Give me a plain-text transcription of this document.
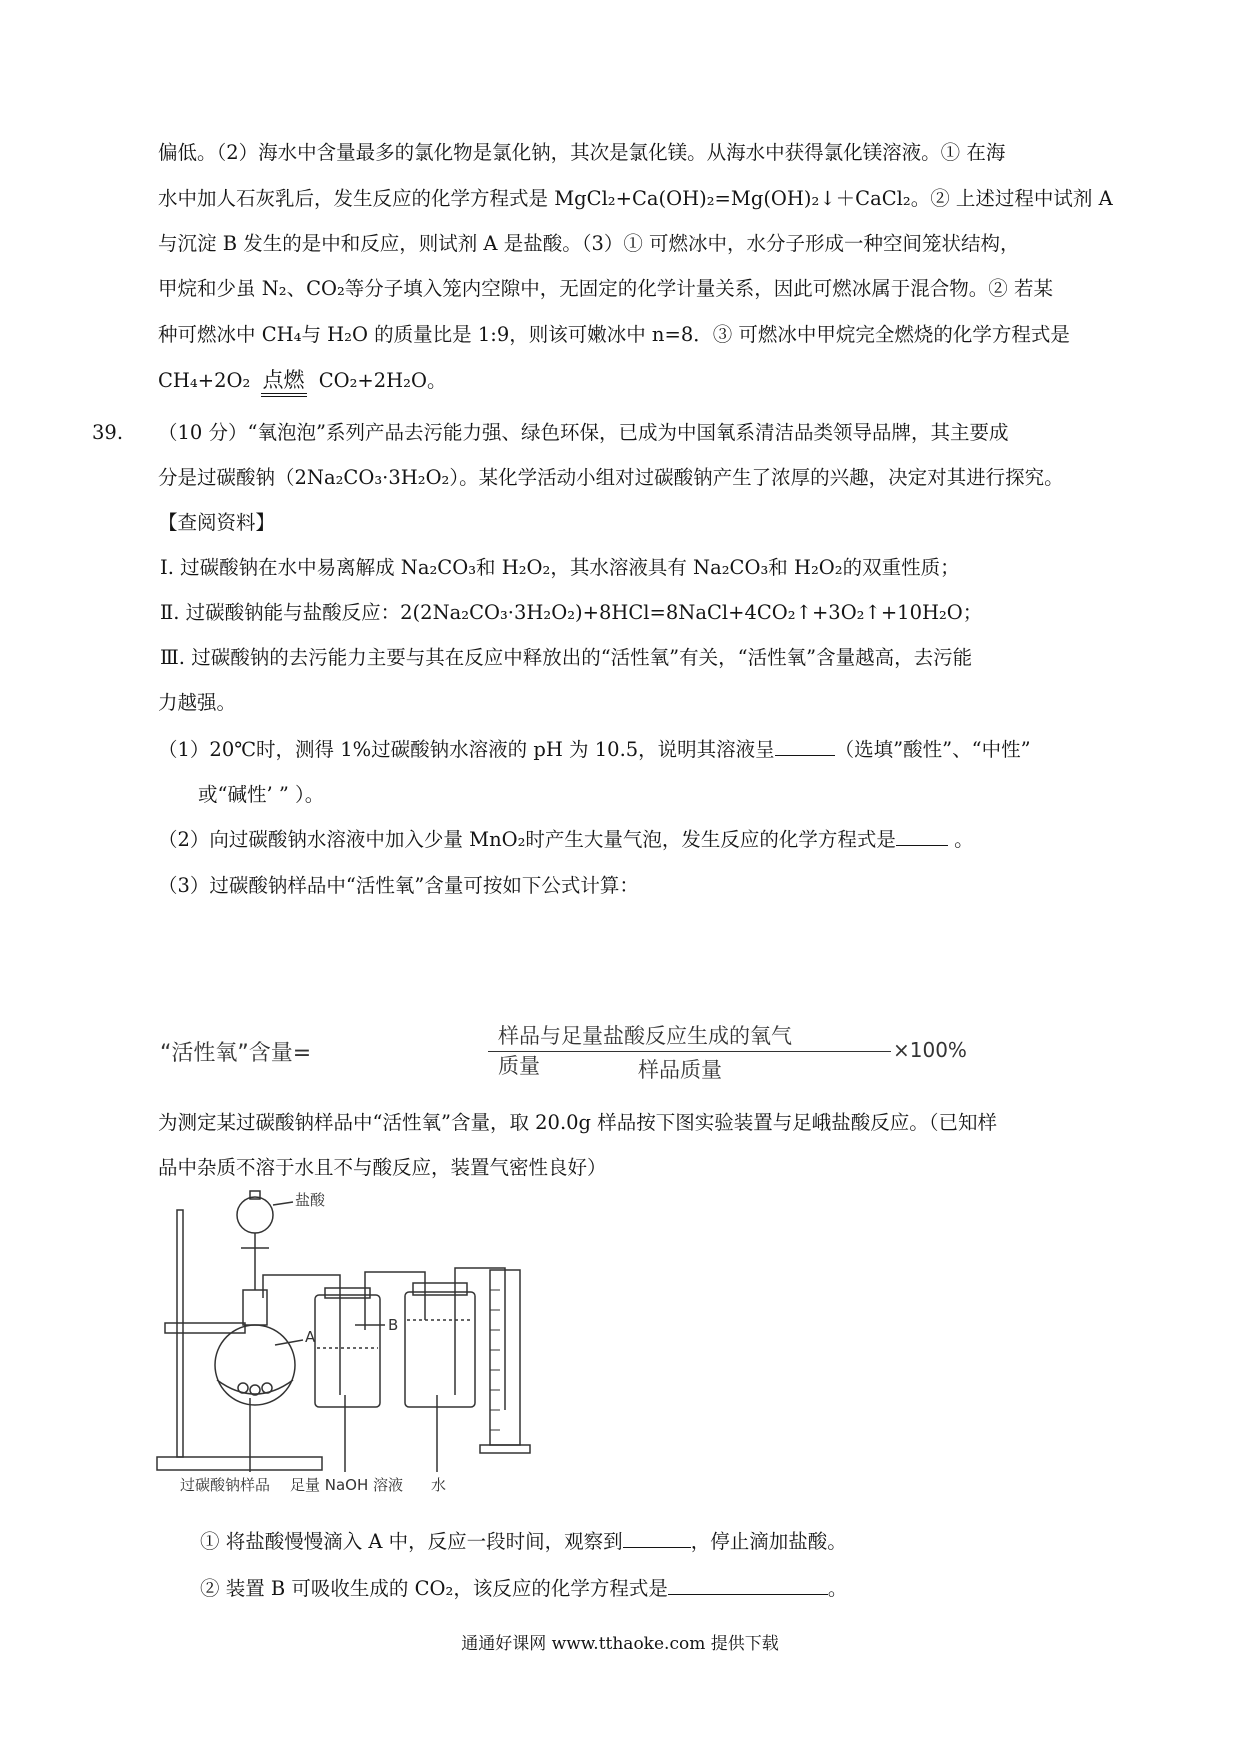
偏低。（2）海水中含量最多的氯化物是氯化钠，其次是氯化镁。从海水中获得氯化镁溶液。① 在海
水中加人石灰乳后，发生反应的化学方程式是 MgCl₂+Ca(OH)₂=Mg(OH)₂↓＋CaCl₂。② 上述过程中试剂 A
与沉淀 B 发生的是中和反应，则试剂 A 是盐酸。（3）① 可燃冰中，水分子形成一种空间笼状结构，
甲烷和少虽 N₂、CO₂等分子填入笼内空隙中，无固定的化学计量关系，因此可燃冰属于混合物。② 若某
种可燃冰中 CH₄与 H₂O 的质量比是 1:9，则该可嫩冰中 n=8．③ 可燃冰中甲烷完全燃烧的化学方程式是
CH₄+2O₂ 点燃 CO₂+2H₂O。
39. （10 分）“氧泡泡”系列产品去污能力强、绿色环保，已成为中国氧系清洁品类领导品牌，其主要成
分是过碳酸钠（2Na₂CO₃·3H₂O₂）。某化学活动小组对过碳酸钠产生了浓厚的兴趣，决定对其进行探究。
【查阅资料】
Ⅰ. 过碳酸钠在水中易离解成 Na₂CO₃和 H₂O₂，其水溶液具有 Na₂CO₃和 H₂O₂的双重性质；
Ⅱ. 过碳酸钠能与盐酸反应：2(2Na₂CO₃·3H₂O₂)+8HCl=8NaCl+4CO₂↑+3O₂↑+10H₂O；
Ⅲ. 过碳酸钠的去污能力主要与其在反应中释放出的“活性氧”有关，“活性氧”含量越高，去污能
力越强。
（1）20℃时，测得 1%过碳酸钠水溶液的 pH 为 10.5，说明其溶液呈	（选填”酸性”、“中性”
或“碱性’ ” ）。
（2）向过碳酸钠水溶液中加入少量 MnO₂时产生大量气泡，发生反应的化学方程式是	。
（3）过碳酸钠样品中“活性氧”含量可按如下公式计算：
“活性氧”含量=
样品与足量盐酸反应生成的氧气质量	样品质量
×100%
为测定某过碳酸钠样品中“活性氧”含量，取 20.0g 样品按下图实验装置与足峨盐酸反应。（已知样
品中杂质不溶于水且不与酸反应，装置气密性良好）
盐酸
A
B
过碳酸钠样品 足量 NaOH 溶液 水
① 将盐酸慢慢滴入 A 中，反应一段时间，观察到	，停止滴加盐酸。
② 装置 B 可吸收生成的 CO₂，该反应的化学方程式是	。
通通好课网 www.tthaoke.com 提供下载
